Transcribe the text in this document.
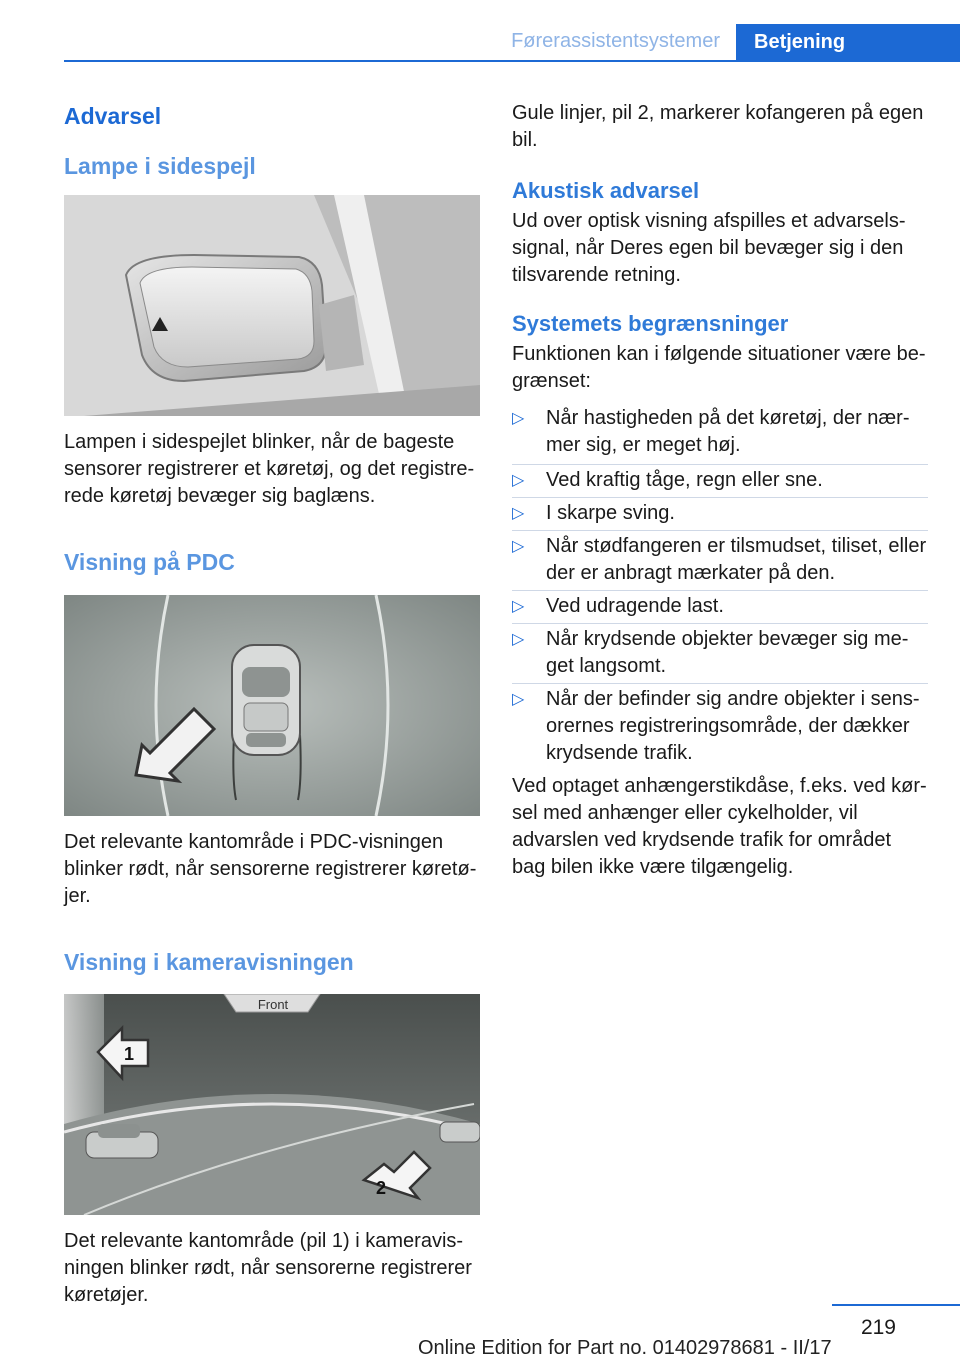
Førerassistentsystemer	Betjening
Advarsel
Lampe i sidespejl

Lampen i sidespejlet blinker, når de bageste sensorer registrerer et køretøj, og det registrerede køretøj bevæger sig baglæns.

Visning på PDC

Det relevante kantområde i PDC-visningen blinker rødt, når sensorerne registrerer køretøjer.

Visning i kameravisningen
Front
1
2

Det relevante kantområde (pil 1) i kameravisningen blinker rødt, når sensorerne registrerer køretøjer.

Gule linjer, pil 2, markerer kofangeren på egen bil.

Akustisk advarsel

Ud over optisk visning afspilles et advarselssignal, når Deres egen bil bevæger sig i den tilsvarende retning.

Systemets begrænsninger

Funktionen kan i følgende situationer være begrænset:

▷ Når hastigheden på det køretøj, der nærmer sig, er meget høj.
▷ Ved kraftig tåge, regn eller sne.
▷ I skarpe sving.
▷ Når stødfangeren er tilsmudset, tiliset, eller der er anbragt mærkater på den.
▷ Ved udragende last.
▷ Når krydsende objekter bevæger sig meget langsomt.
▷ Når der befinder sig andre objekter i sensorernes registreringsområde, der dækker krydsende trafik.

Ved optaget anhængerstikdåse, f.eks. ved kørsel med anhænger eller cykelholder, vil advarslen ved krydsende trafik for området bag bilen ikke være tilgængelig.

219
Online Edition for Part no. 01402978681 - II/17
